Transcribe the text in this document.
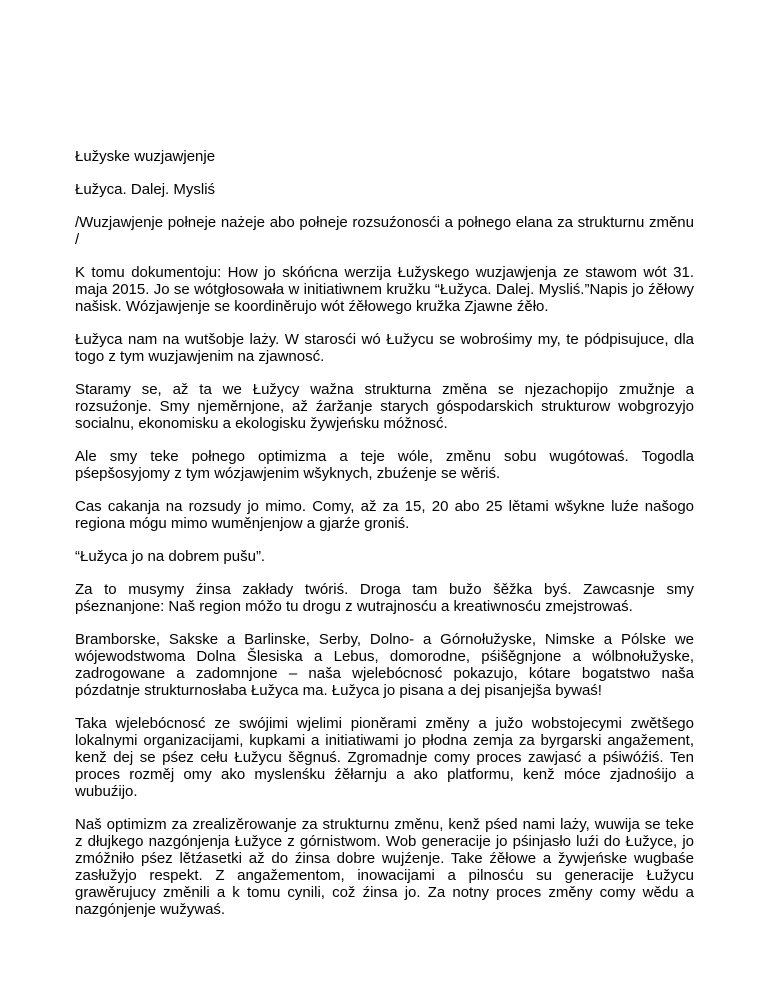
Łužyske wuzjawjenje

Łužyca. Dalej. Mysliś

/Wuzjawjenje połneje nażeje abo połneje rozsuźonosći a połnego elana za strukturnu změnu /

K tomu dokumentoju: How jo skóńcna werzija Łužyskego wuzjawjenja ze stawom wót 31. maja 2015. Jo se wótgłosowała w initiatiwnem kružku “Łužyca. Dalej. Mysliś.”Napis jo źěłowy našisk. Wózjawjenje se koordiněrujo wót źěłowego kružka Zjawne źěło.

Łužyca nam na wutšobje laży. W starosći wó Łužycu se wobrośimy my, te pódpisujuce, dla togo z tym wuzjawjenim na zjawnosć.

Staramy se, až ta we Łužycy wažna strukturna změna se njezachopijo zmužnje a rozsuźonje. Smy njeměrnjone, až źaržanje starych góspodarskich strukturow wobgrozyjo socialnu, ekonomisku a ekologisku žywjeńsku móžnosć.

Ale smy teke połnego optimizma a teje wóle, změnu sobu wugótowaś. Togodla pśepšosyjomy z tym wózjawjenim wšyknych, zbuźenje se wěriś.

Cas cakanja na rozsudy jo mimo. Comy, až za 15, 20 abo 25 lětami wšykne luźe našogo regiona mógu mimo wuměnjenjow a gjarźe groniś.

“Łužyca jo na dobrem pušu”.

Za to musymy źinsa zakłady twóriś. Droga tam bužo šěžka byś. Zawcasnje smy pśeznanjone: Naš region móžo tu drogu z wutrajnosću a kreatiwnosću zmejstrowaś.

Bramborske, Sakske a Barlinske, Serby, Dolno- a Górnołužyske, Nimske a Pólske we wójewodstwoma Dolna Šlesiska a Lebus, domorodne, pśišěgnjone a wólbnołužyske, zadrogowane a zadomnjone – naša wjelebócnosć pokazujo, kótare bogatstwo naša pózdatnje strukturnosłaba Łužyca ma. Łužyca jo pisana a dej pisanjejša bywaś!

Taka wjelebócnosć ze swójimi wjelimi pioněrami změny a južo wobstojecymi zwětšego lokalnymi organizacijami, kupkami a initiatiwami jo płodna zemja za byrgarski angažement, kenž dej se pśez cełu Łužycu šěgnuś. Zgromadnje comy proces zawjasć a pśiwóźiś. Ten proces rozměj omy ako myslenśku źěłarnju a ako platformu, kenž móce zjadnośijo a wubuźijo.

Naš optimizm za zrealizěrowanje za strukturnu změnu, kenž pśed nami laży, wuwija se teke z dłujkego nazgónjenja Łužyce z górnistwom. Wob generacije jo pśinjasło luźi do Łužyce, jo zmóžniło pśez lětźasetki až do źinsa dobre wujźenje. Take źěłowe a žywjeńske wugbaśe zasłužyjo respekt. Z angažementom, inowacijami a pilnosću su generacije Łužycu grawěrujucy změnili a k tomu cynili, což źinsa jo. Za notny proces změny comy wědu a nazgónjenje wužywaś.
